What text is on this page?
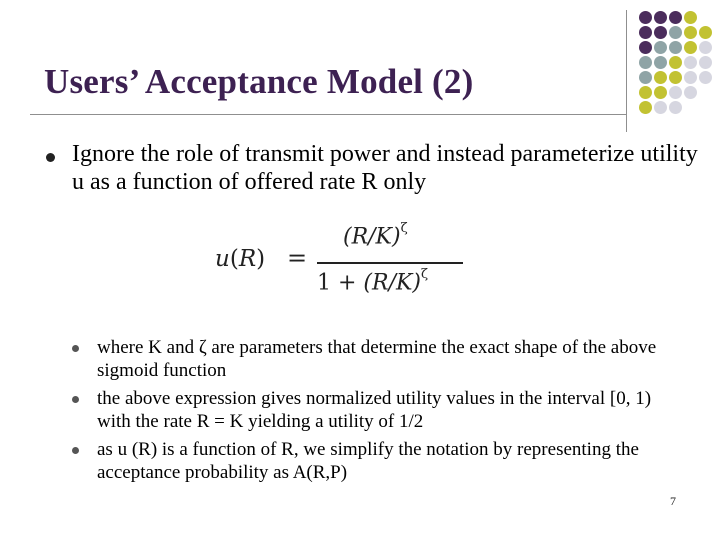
Users’ Acceptance Model (2)
Ignore the role of transmit power and instead parameterize utility u as a function of offered rate R only
u(R) =
$(R/K)^\zeta$
$1 + (R/K)^\zeta$
where K and ζ are parameters that determine the exact shape of the above sigmoid function
the above expression gives normalized utility values in the interval [0, 1) with the rate R = K yielding a utility of 1/2
as u (R) is a function of R, we simplify the notation by representing the acceptance probability as A(R,P)
7
